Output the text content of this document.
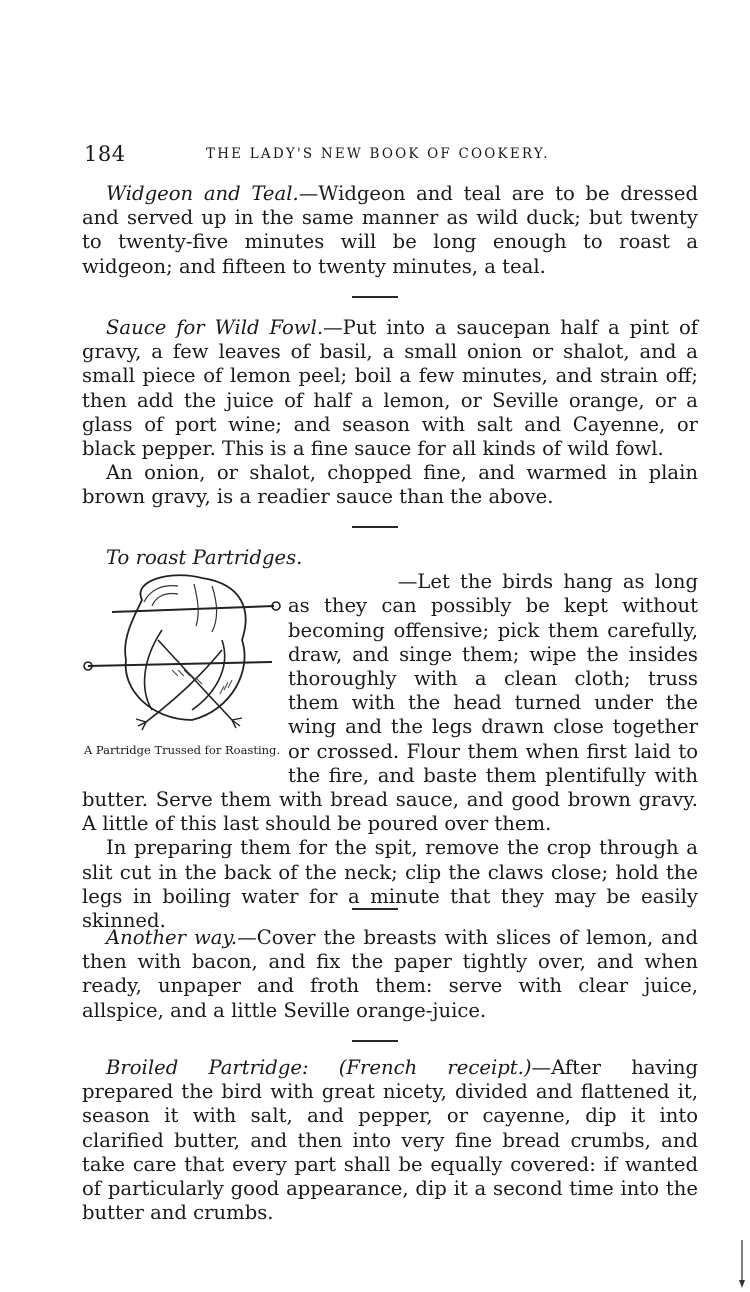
184	THE LADY'S NEW BOOK OF COOKERY.

Widgeon and Teal.—Widgeon and teal are to be dressed and served up in the same manner as wild duck; but twenty to twenty-five minutes will be long enough to roast a widgeon; and fifteen to twenty minutes, a teal.

Sauce for Wild Fowl.—Put into a saucepan half a pint of gravy, a few leaves of basil, a small onion or shalot, and a small piece of lemon peel; boil a few minutes, and strain off; then add the juice of half a lemon, or Seville orange, or a glass of port wine; and season with salt and Cayenne, or black pepper. This is a fine sauce for all kinds of wild fowl.

An onion, or shalot, chopped fine, and warmed in plain brown gravy, is a readier sauce than the above.

To roast Partridges.

A Partridge Trussed for Roasting.

—Let the birds hang as long as they can possibly be kept without becoming offensive; pick them carefully, draw, and singe them; wipe the insides thoroughly with a clean cloth; truss them with the head turned under the wing and the legs drawn close together or crossed. Flour them when first laid to the fire, and baste them plentifully with butter. Serve them with bread sauce, and good brown gravy. A little of this last should be poured over them.

In preparing them for the spit, remove the crop through a slit cut in the back of the neck; clip the claws close; hold the legs in boiling water for a minute that they may be easily skinned.

Another way.—Cover the breasts with slices of lemon, and then with bacon, and fix the paper tightly over, and when ready, unpaper and froth them: serve with clear juice, allspice, and a little Seville orange-juice.

Broiled Partridge: (French receipt.)—After having prepared the bird with great nicety, divided and flattened it, season it with salt, and pepper, or cayenne, dip it into clarified butter, and then into very fine bread crumbs, and take care that every part shall be equally covered: if wanted of particularly good appearance, dip it a second time into the butter and crumbs.
